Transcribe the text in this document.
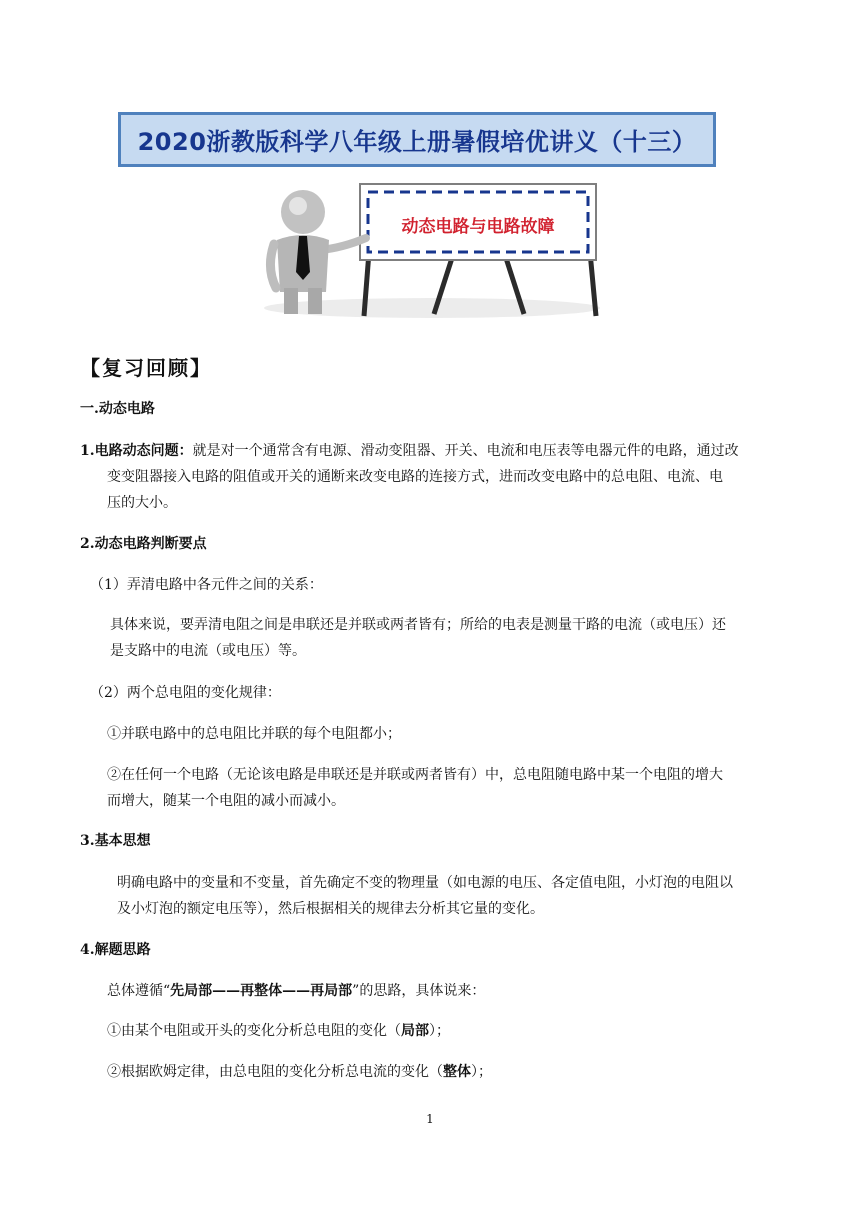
2020浙教版科学八年级上册暑假培优讲义（十三）
动态电路与电路故障
【复习回顾】
一.动态电路
1.电路动态问题：就是对一个通常含有电源、滑动变阻器、开关、电流和电压表等电器元件的电路，通过改
变变阻器接入电路的阻值或开关的通断来改变电路的连接方式，进而改变电路中的总电阻、电流、电
压的大小。
2.动态电路判断要点
（1）弄清电路中各元件之间的关系：
具体来说，要弄清电阻之间是串联还是并联或两者皆有；所给的电表是测量干路的电流（或电压）还
是支路中的电流（或电压）等。
（2）两个总电阻的变化规律：
①并联电路中的总电阻比并联的每个电阻都小；
②在任何一个电路（无论该电路是串联还是并联或两者皆有）中，总电阻随电路中某一个电阻的增大
而增大，随某一个电阻的减小而减小。
3.基本思想
明确电路中的变量和不变量，首先确定不变的物理量（如电源的电压、各定值电阻，小灯泡的电阻以
及小灯泡的额定电压等），然后根据相关的规律去分析其它量的变化。
4.解题思路
总体遵循“先局部——再整体——再局部”的思路，具体说来：
①由某个电阻或开头的变化分析总电阻的变化（局部）；
②根据欧姆定律，由总电阻的变化分析总电流的变化（整体）；
1
